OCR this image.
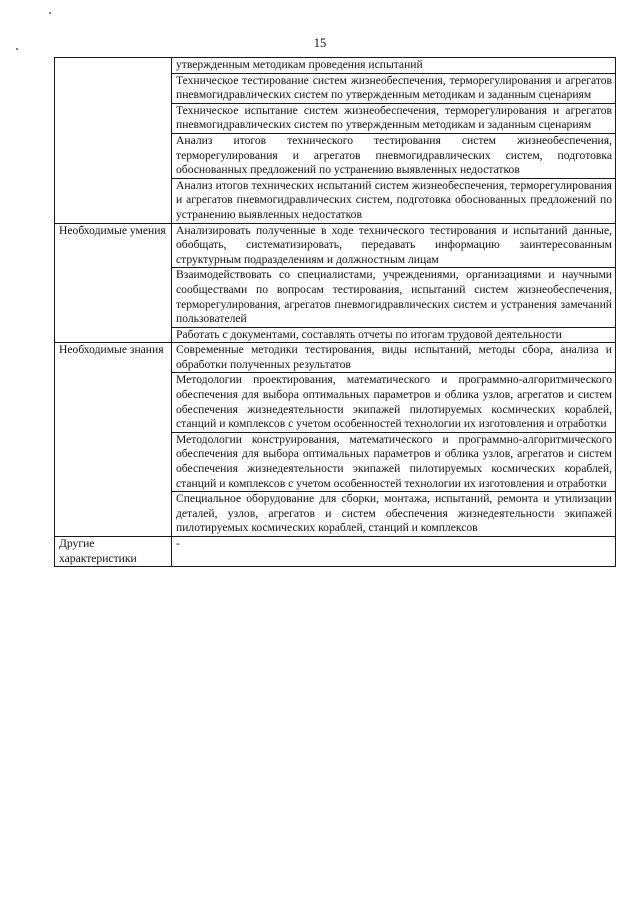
15
	утвержденным методикам проведения испытаний
	Техническое тестирование систем жизнеобеспечения, терморегулирования и агрегатов пневмогидравлических систем по утвержденным методикам и заданным сценариям
	Техническое испытание систем жизнеобеспечения, терморегулирования и агрегатов пневмогидравлических систем по утвержденным методикам и заданным сценариям
	Анализ итогов технического тестирования систем жизнеобеспечения, терморегулирования и агрегатов пневмогидравлических систем, подготовка обоснованных предложений по устранению выявленных недостатков
	Анализ итогов технических испытаний систем жизнеобеспечения, терморегулирования и агрегатов пневмогидравлических систем, подготовка обоснованных предложений по устранению выявленных недостатков
Необходимые умения	Анализировать полученные в ходе технического тестирования и испытаний данные, обобщать, систематизировать, передавать информацию заинтересованным структурным подразделениям и должностным лицам
	Взаимодействовать со специалистами, учреждениями, организациями и научными сообществами по вопросам тестирования, испытаний систем жизнеобеспечения, терморегулирования, агрегатов пневмогидравлических систем и устранения замечаний пользователей
	Работать с документами, составлять отчеты по итогам трудовой деятельности
Необходимые знания	Современные методики тестирования, виды испытаний, методы сбора, анализа и обработки полученных результатов
	Методологии проектирования, математического и программно-алгоритмического обеспечения для выбора оптимальных параметров и облика узлов, агрегатов и систем обеспечения жизнедеятельности экипажей пилотируемых космических кораблей, станций и комплексов с учетом особенностей технологии их изготовления и отработки
	Методологии конструирования, математического и программно-алгоритмического обеспечения для выбора оптимальных параметров и облика узлов, агрегатов и систем обеспечения жизнедеятельности экипажей пилотируемых космических кораблей, станций и комплексов с учетом особенностей технологии их изготовления и отработки
	Специальное оборудование для сборки, монтажа, испытаний, ремонта и утилизации деталей, узлов, агрегатов и систем обеспечения жизнедеятельности экипажей пилотируемых космических кораблей, станций и комплексов
Другие характеристики	-
